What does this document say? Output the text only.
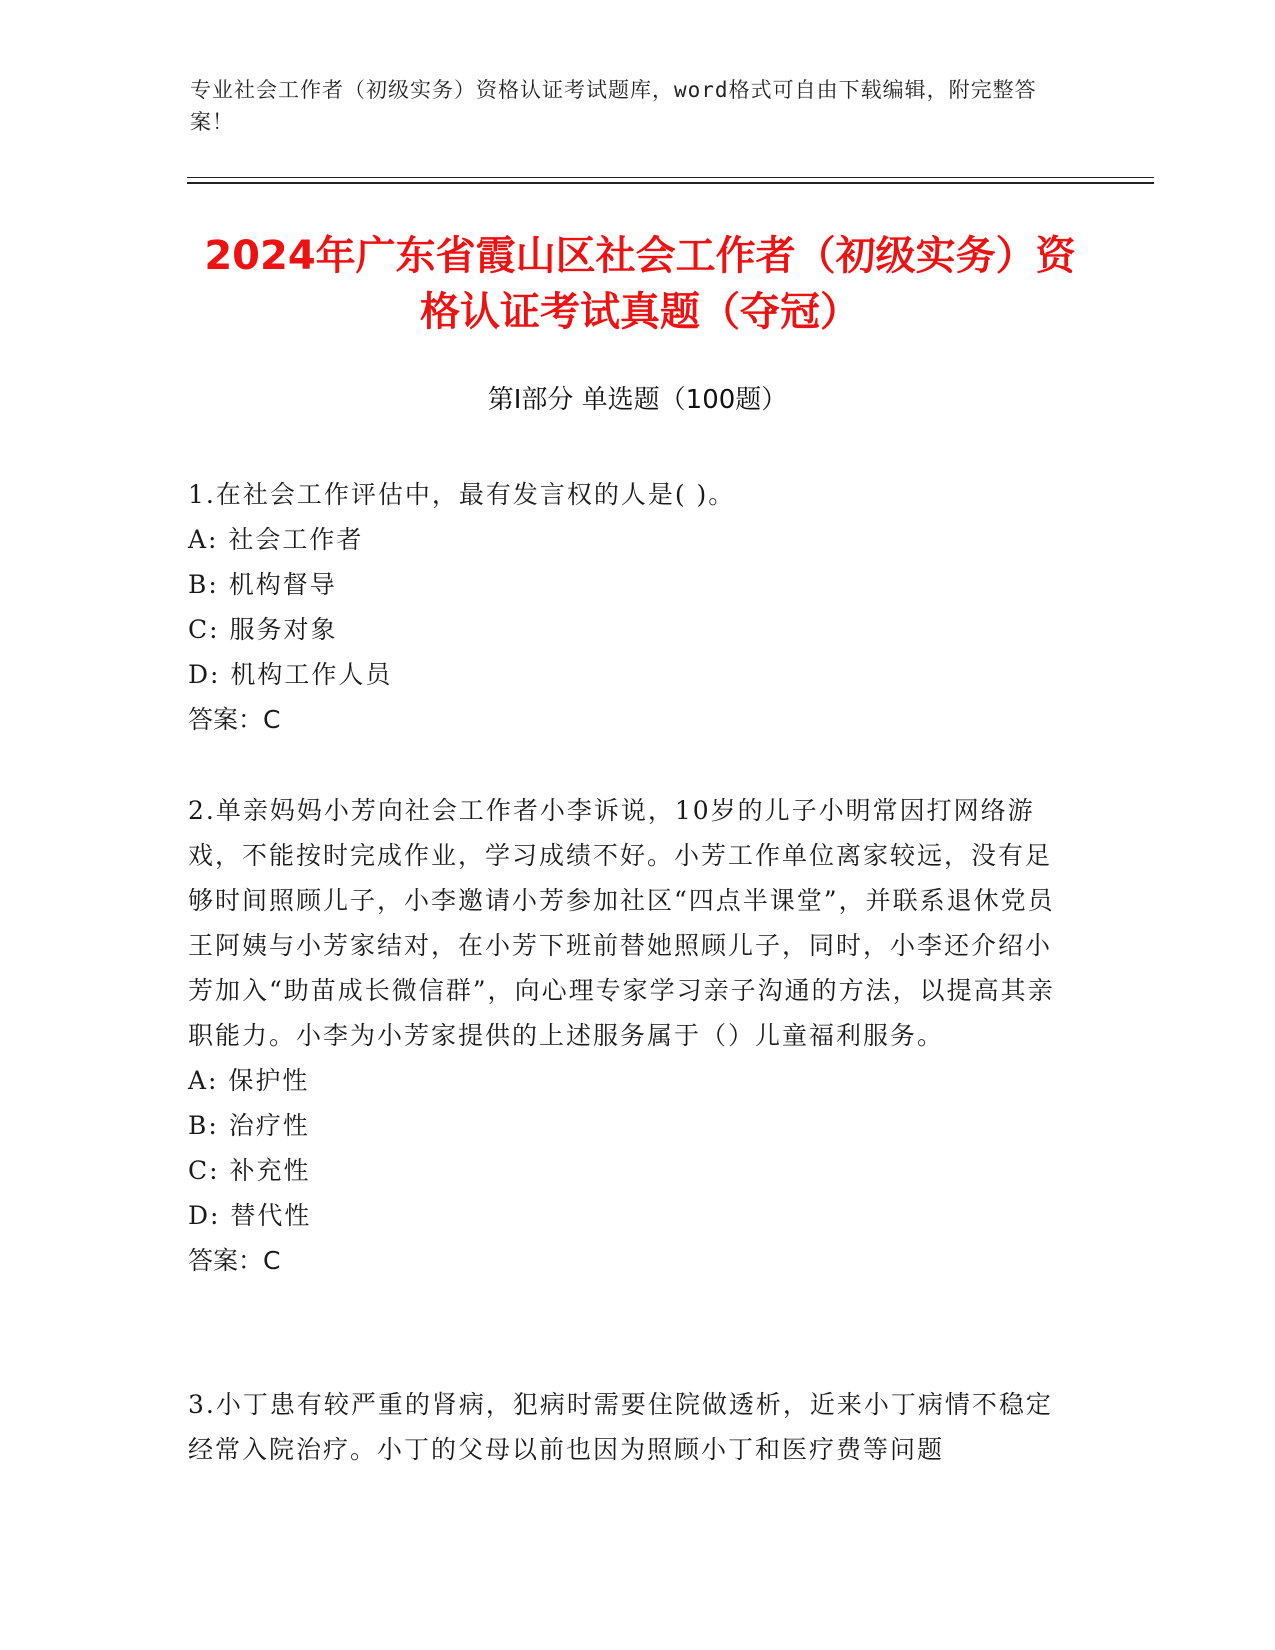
专业社会工作者（初级实务）资格认证考试题库，word格式可自由下载编辑，附完整答案！
2024年广东省霞山区社会工作者（初级实务）资格认证考试真题（夺冠）
第Ⅰ部分 单选题（100题）

1.在社会工作评估中，最有发言权的人是( )。

A: 社会工作者

B: 机构督导

C: 服务对象

D: 机构工作人员

答案：C

2.单亲妈妈小芳向社会工作者小李诉说，10岁的儿子小明常因打网络游戏，不能按时完成作业，学习成绩不好。小芳工作单位离家较远，没有足够时间照顾儿子，小李邀请小芳参加社区“四点半课堂”，并联系退休党员王阿姨与小芳家结对，在小芳下班前替她照顾儿子，同时，小李还介绍小芳加入“助苗成长微信群”，向心理专家学习亲子沟通的方法，以提高其亲职能力。小李为小芳家提供的上述服务属于（）儿童福利服务。

A: 保护性

B: 治疗性

C: 补充性

D: 替代性

答案：C

3.小丁患有较严重的肾病，犯病时需要住院做透析，近来小丁病情不稳定经常入院治疗。小丁的父母以前也因为照顾小丁和医疗费等问题
